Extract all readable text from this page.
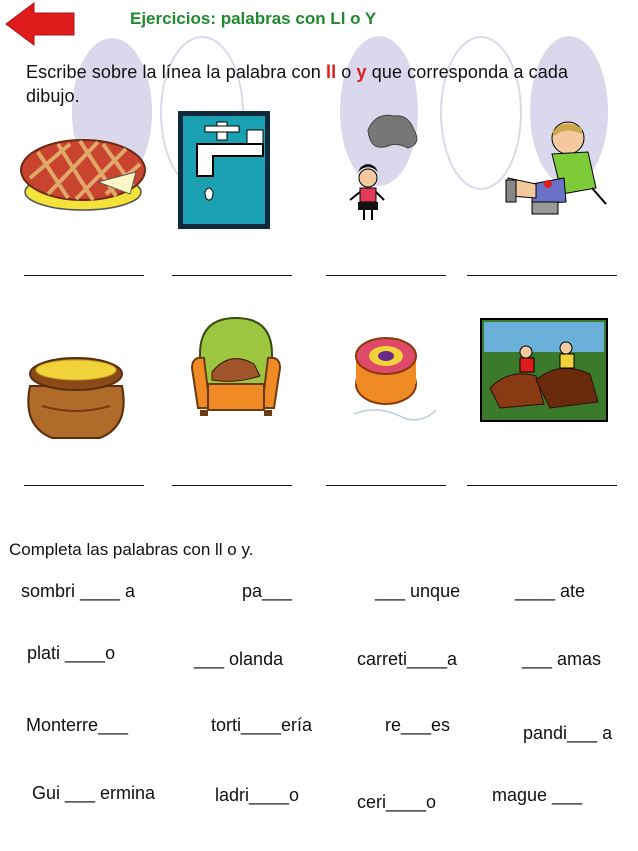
Ejercicios: palabras con Ll o Y
Escribe sobre la línea la palabra con ll o y que corresponda a cada dibujo.
Completa las palabras con ll o y.
sombri ____ a	pa___	___ unque	____ ate
plati ____o	___ olanda	carreti____a	___ amas
Monterre___	torti____ería	re___es	pandi___ a
Gui ___ ermina	ladri____o	ceri____o	mague ___
